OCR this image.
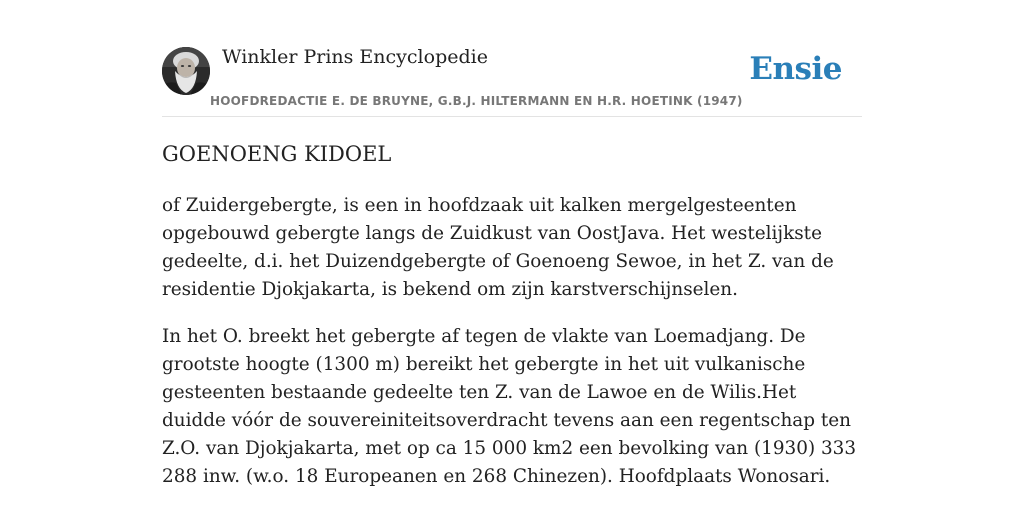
Winkler Prins Encyclopedie
HOOFDREDACTIE E. DE BRUYNE, G.B.J. HILTERMANN EN H.R. HOETINK (1947)
Ensie
GOENOENG KIDOEL

of Zuidergebergte, is een in hoofdzaak uit kalken mergelgesteenten opgebouwd gebergte langs de Zuidkust van OostJava. Het westelijkste gedeelte, d.i. het Duizendgebergte of Goenoeng Sewoe, in het Z. van de residentie Djokjakarta, is bekend om zijn karstverschijnselen.

In het O. breekt het gebergte af tegen de vlakte van Loemadjang. De grootste hoogte (1300 m) bereikt het gebergte in het uit vulkanische gesteenten bestaande gedeelte ten Z. van de Lawoe en de Wilis.Het duidde vóór de souvereiniteitsoverdracht tevens aan een regentschap ten Z.O. van Djokjakarta, met op ca 15 000 km2 een bevolking van (1930) 333 288 inw. (w.o. 18 Europeanen en 268 Chinezen). Hoofdplaats Wonosari.
